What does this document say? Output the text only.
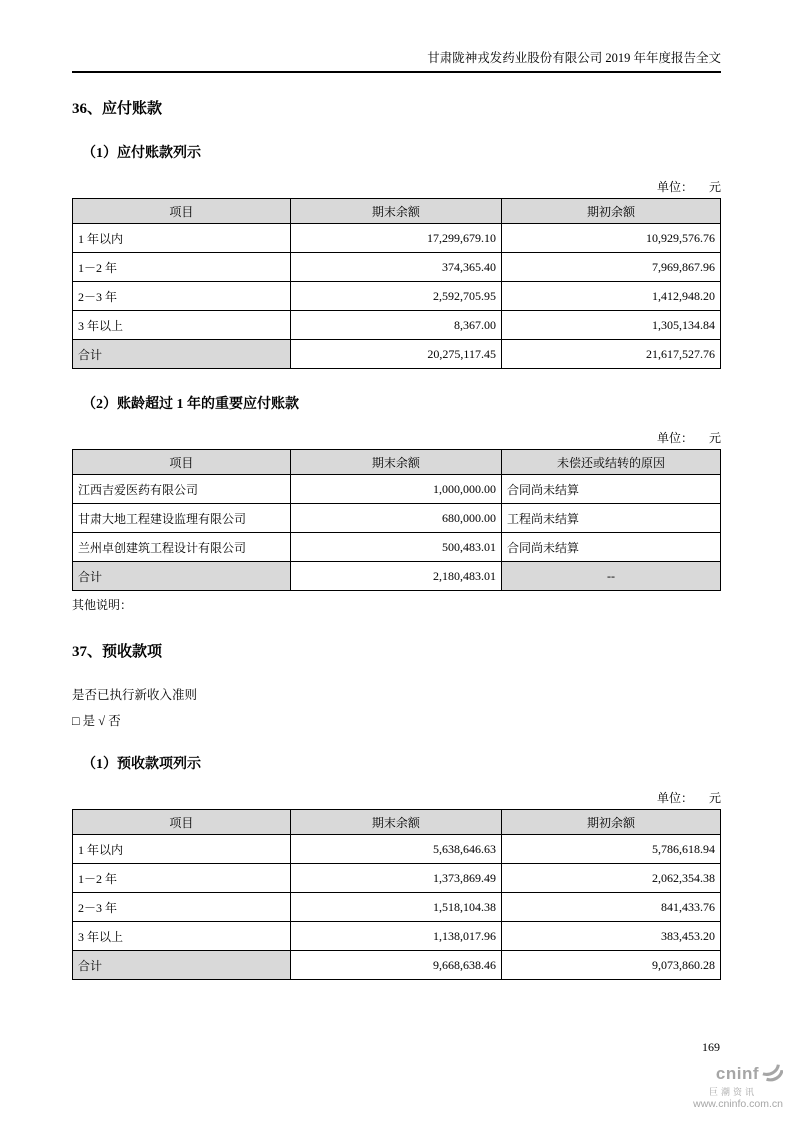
甘肃陇神戎发药业股份有限公司 2019 年年度报告全文
36、应付账款
（1）应付账款列示
单位： 元
项目	期末余额	期初余额
1 年以内	17,299,679.10	10,929,576.76
1－2 年	374,365.40	7,969,867.96
2－3 年	2,592,705.95	1,412,948.20
3 年以上	8,367.00	1,305,134.84
合计	20,275,117.45	21,617,527.76
（2）账龄超过 1 年的重要应付账款
单位： 元
项目	期末余额	未偿还或结转的原因
江西吉爱医药有限公司	1,000,000.00	合同尚未结算
甘肃大地工程建设监理有限公司	680,000.00	工程尚未结算
兰州卓创建筑工程设计有限公司	500,483.01	合同尚未结算
合计	2,180,483.01	--
其他说明：
37、预收款项
是否已执行新收入准则
□ 是 √ 否
（1）预收款项列示
单位： 元
项目	期末余额	期初余额
1 年以内	5,638,646.63	5,786,618.94
1－2 年	1,373,869.49	2,062,354.38
2－3 年	1,518,104.38	841,433.76
3 年以上	1,138,017.96	383,453.20
合计	9,668,638.46	9,073,860.28
169
cninf
巨潮资讯
www.cninfo.com.cn
